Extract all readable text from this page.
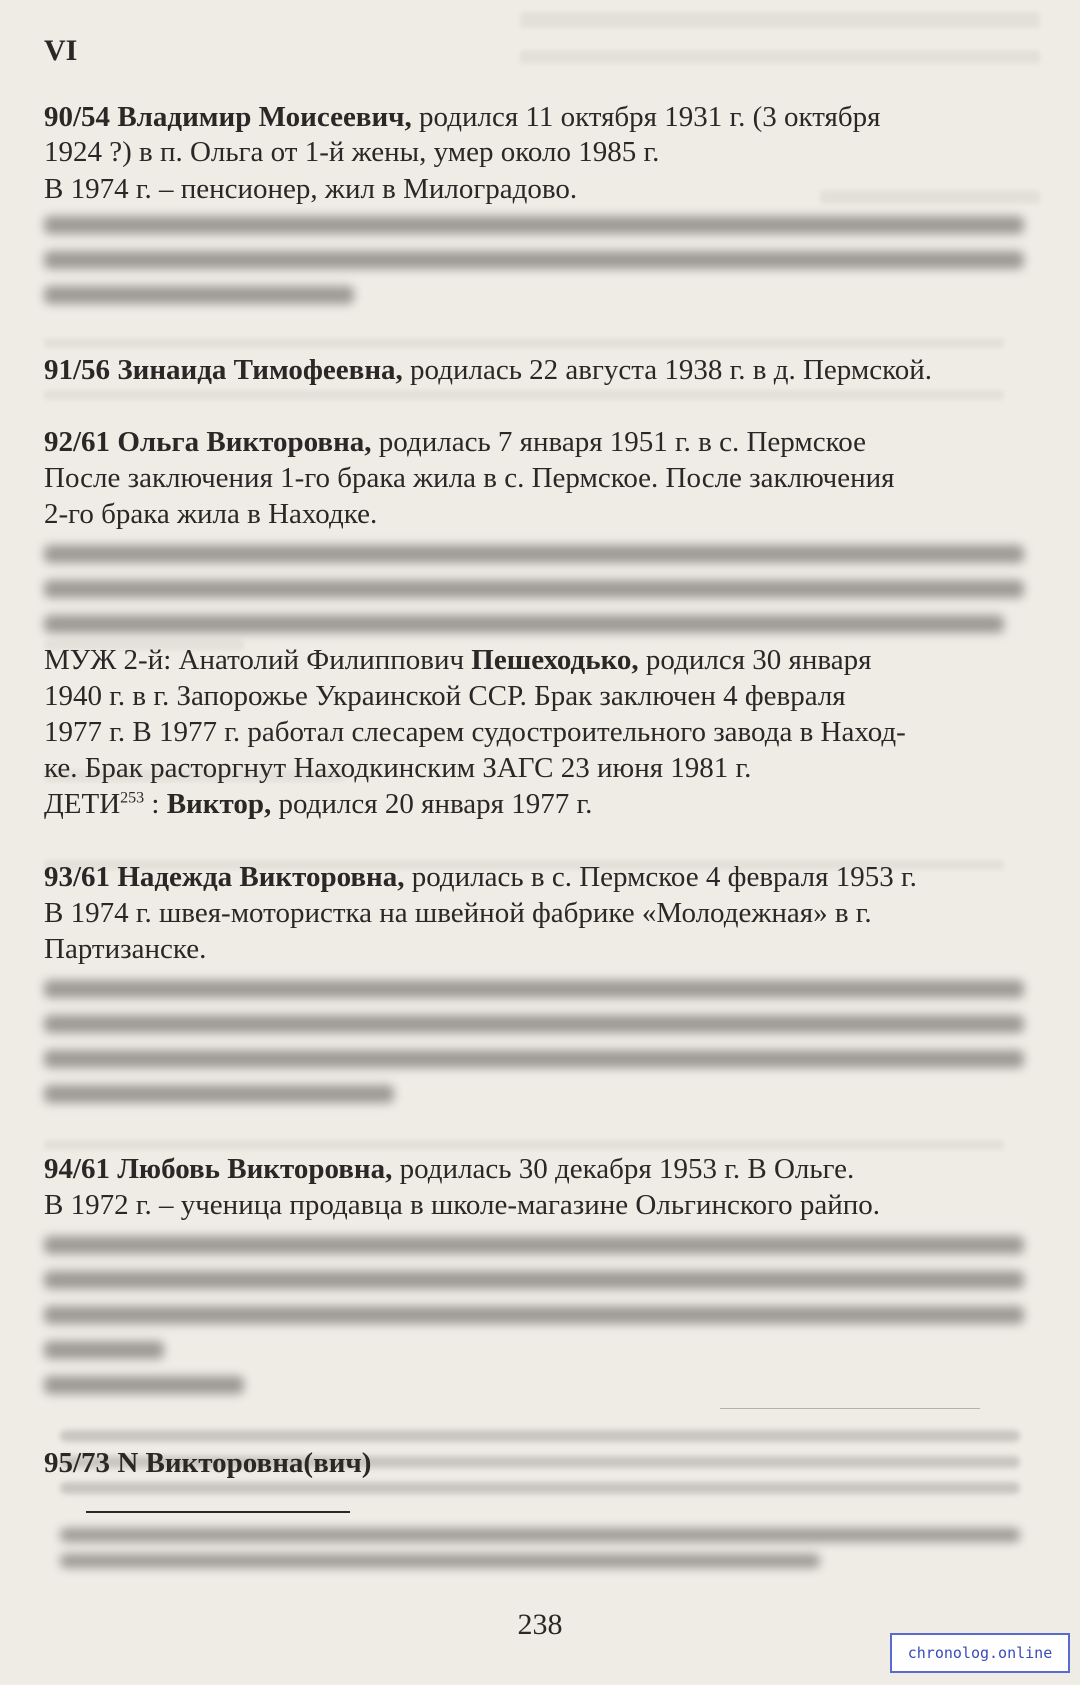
VI
90/54 Владимир Моисеевич, родился 11 октября 1931 г. (3 октября
1924 ?) в п. Ольга от 1-й жены, умер около 1985 г.
В 1974 г. – пенсионер, жил в Милоградово.
91/56 Зинаида Тимофеевна, родилась 22 августа 1938 г. в д. Пермской.
92/61 Ольга Викторовна, родилась 7 января 1951 г. в с. Пермское
После заключения 1-го брака жила в с. Пермское. После заключения
2-го брака жила в Находке.
МУЖ 2-й: Анатолий Филиппович Пешеходько, родился 30 января
1940 г. в г. Запорожье Украинской ССР. Брак заключен 4 февраля
1977 г. В 1977 г. работал слесарем судостроительного завода в Наход-
ке. Брак расторгнут Находкинским ЗАГС 23 июня 1981 г.
ДЕТИ$^{253}$ : Виктор, родился 20 января 1977 г.
93/61 Надежда Викторовна, родилась в с. Пермское 4 февраля 1953 г.
В 1974 г. швея-мотористка на швейной фабрике «Молодежная» в г.
Партизанске.
94/61 Любовь Викторовна, родилась 30 декабря 1953 г. В Ольге.
В 1972 г. – ученица продавца в школе-магазине Ольгинского райпо.
95/73 N Викторовна(вич)
238
chronolog.online
